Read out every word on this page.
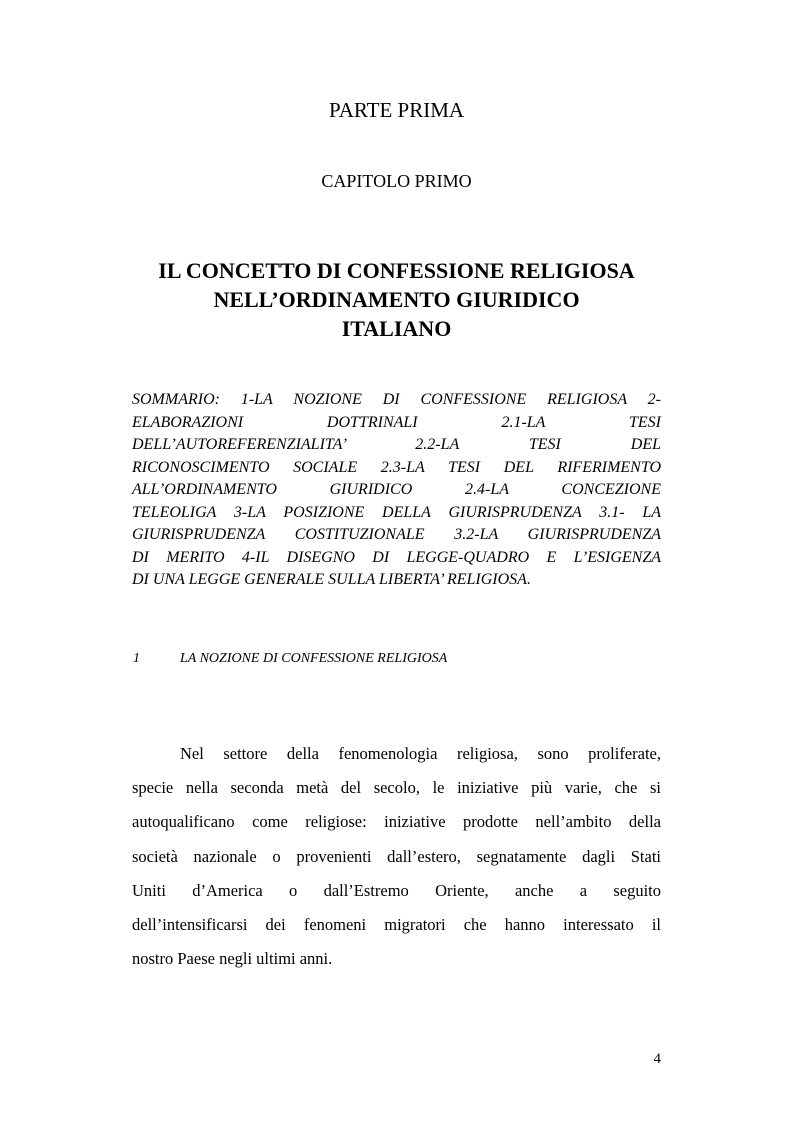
PARTE PRIMA
CAPITOLO PRIMO
IL CONCETTO DI CONFESSIONE RELIGIOSA
NELL’ORDINAMENTO GIURIDICO
ITALIANO
SOMMARIO: 1-LA NOZIONE DI CONFESSIONE RELIGIOSA 2-
ELABORAZIONI DOTTRINALI 2.1-LA TESI
DELL’AUTOREFERENZIALITA’ 2.2-LA TESI DEL
RICONOSCIMENTO SOCIALE 2.3-LA TESI DEL RIFERIMENTO
ALL’ORDINAMENTO GIURIDICO 2.4-LA CONCEZIONE
TELEOLIGA 3-LA POSIZIONE DELLA GIURISPRUDENZA 3.1- LA
GIURISPRUDENZA COSTITUZIONALE 3.2-LA GIURISPRUDENZA
DI MERITO 4-IL DISEGNO DI LEGGE-QUADRO E L’ESIGENZA
DI UNA LEGGE GENERALE SULLA LIBERTA’ RELIGIOSA.
1	LA NOZIONE DI CONFESSIONE RELIGIOSA
Nel settore della fenomenologia religiosa, sono proliferate,
specie nella seconda metà del secolo, le iniziative più varie, che si
autoqualificano come religiose: iniziative prodotte nell’ambito della
società nazionale o provenienti dall’estero, segnatamente dagli Stati
Uniti d’America o dall’Estremo Oriente, anche a seguito
dell’intensificarsi dei fenomeni migratori che hanno interessato il
nostro Paese negli ultimi anni.
4
